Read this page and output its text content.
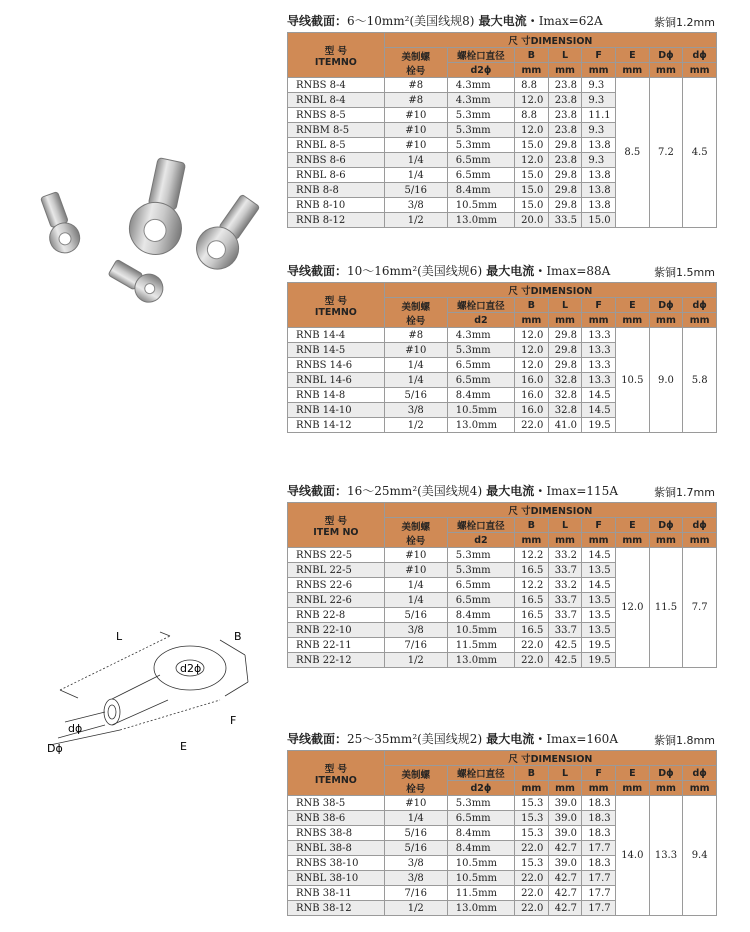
L	B
d2ϕ
dϕ
Dϕ
F
E
导线截面：6～10mm²(美国线规8) 最大电流・Imax=62A	紫铜1.2mm
型 号
ITEMNO	尺 寸DIMENSION							

	美制螺
栓号	螺栓口直径	B	L	F	E	Dϕ	dϕ
		d2ϕ	mm	mm	mm	mm	mm	mm
RNBS 8-4	#8	4.3mm	8.8	23.8	9.3	8.5	7.2	4.5
RNBL 8-4	#8	4.3mm	12.0	23.8	9.3			
RNBS 8-5	#10	5.3mm	8.8	23.8	11.1			
RNBM 8-5	#10	5.3mm	12.0	23.8	9.3			
RNBL 8-5	#10	5.3mm	15.0	29.8	13.8			
RNBS 8-6	1/4	6.5mm	12.0	23.8	9.3			
RNBL 8-6	1/4	6.5mm	15.0	29.8	13.8			
RNB 8-8	5/16	8.4mm	15.0	29.8	13.8			
RNB 8-10	3/8	10.5mm	15.0	29.8	13.8			
RNB 8-12	1/2	13.0mm	20.0	33.5	15.0			
导线截面：10～16mm²(美国线规6) 最大电流・Imax=88A	紫铜1.5mm
型 号
ITEMNO	尺 寸DIMENSION							

	美制螺
栓号	螺栓口直径	B	L	F	E	Dϕ	dϕ
		d2	mm	mm	mm	mm	mm	mm
RNB 14-4	#8	4.3mm	12.0	29.8	13.3	10.5	9.0	5.8
RNB 14-5	#10	5.3mm	12.0	29.8	13.3			
RNBS 14-6	1/4	6.5mm	12.0	29.8	13.3			
RNBL 14-6	1/4	6.5mm	16.0	32.8	13.3			
RNB 14-8	5/16	8.4mm	16.0	32.8	14.5			
RNB 14-10	3/8	10.5mm	16.0	32.8	14.5			
RNB 14-12	1/2	13.0mm	22.0	41.0	19.5			
导线截面：16～25mm²(美国线规4) 最大电流・Imax=115A	紫铜1.7mm
型 号
ITEM NO	尺 寸DIMENSION							

	美制螺
栓号	螺栓口直径	B	L	F	E	Dϕ	dϕ
		d2	mm	mm	mm	mm	mm	mm
RNBS 22-5	#10	5.3mm	12.2	33.2	14.5	12.0	11.5	7.7
RNBL 22-5	#10	5.3mm	16.5	33.7	13.5			
RNBS 22-6	1/4	6.5mm	12.2	33.2	14.5			
RNBL 22-6	1/4	6.5mm	16.5	33.7	13.5			
RNB 22-8	5/16	8.4mm	16.5	33.7	13.5			
RNB 22-10	3/8	10.5mm	16.5	33.7	13.5			
RNB 22-11	7/16	11.5mm	22.0	42.5	19.5			
RNB 22-12	1/2	13.0mm	22.0	42.5	19.5			
导线截面：25～35mm²(美国线规2) 最大电流・Imax=160A	紫铜1.8mm
型 号
ITEMNO	尺 寸DIMENSION							

	美制螺
栓号	螺栓口直径	B	L	F	E	Dϕ	dϕ
		d2ϕ	mm	mm	mm	mm	mm	mm
RNB 38-5	#10	5.3mm	15.3	39.0	18.3	14.0	13.3	9.4
RNB 38-6	1/4	6.5mm	15.3	39.0	18.3			
RNBS 38-8	5/16	8.4mm	15.3	39.0	18.3			
RNBL 38-8	5/16	8.4mm	22.0	42.7	17.7			
RNBS 38-10	3/8	10.5mm	15.3	39.0	18.3			
RNBL 38-10	3/8	10.5mm	22.0	42.7	17.7			
RNB 38-11	7/16	11.5mm	22.0	42.7	17.7			
RNB 38-12	1/2	13.0mm	22.0	42.7	17.7			
